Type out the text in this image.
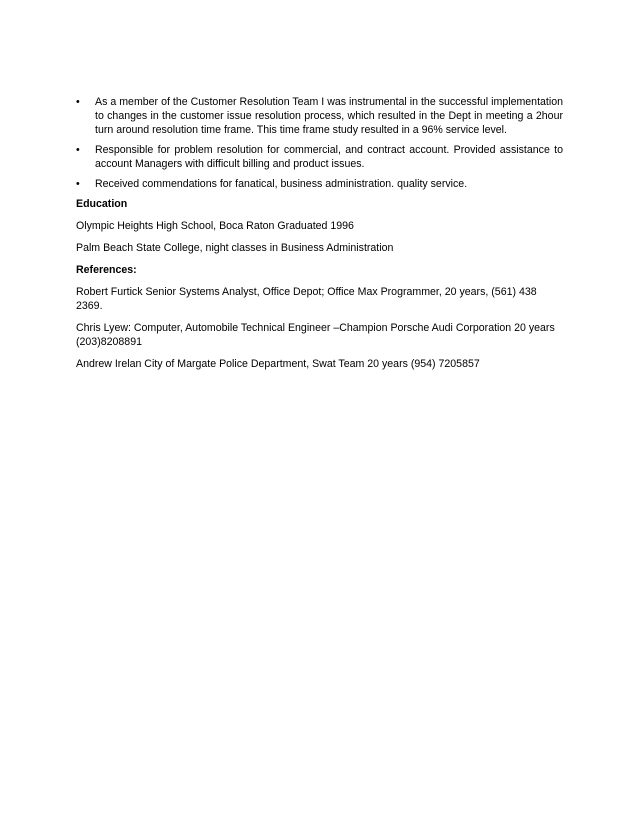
• As a member of the Customer Resolution Team I was instrumental in the successful implementation to changes in the customer issue resolution process, which resulted in the Dept in meeting a 2hour turn around resolution time frame. This time frame study resulted in a 96% service level.
• Responsible for problem resolution for commercial, and contract account. Provided assistance to account Managers with difficult billing and product issues.
• Received commendations for fanatical, business administration. quality service.
Education
Olympic Heights High School, Boca Raton Graduated 1996
Palm Beach State College, night classes in Business Administration
References:
Robert Furtick Senior Systems Analyst, Office Depot; Office Max Programmer, 20 years, (561) 438 2369.
Chris Lyew: Computer, Automobile Technical Engineer –Champion Porsche Audi Corporation 20 years (203)8208891
Andrew Irelan City of Margate Police Department, Swat Team 20 years (954) 7205857
